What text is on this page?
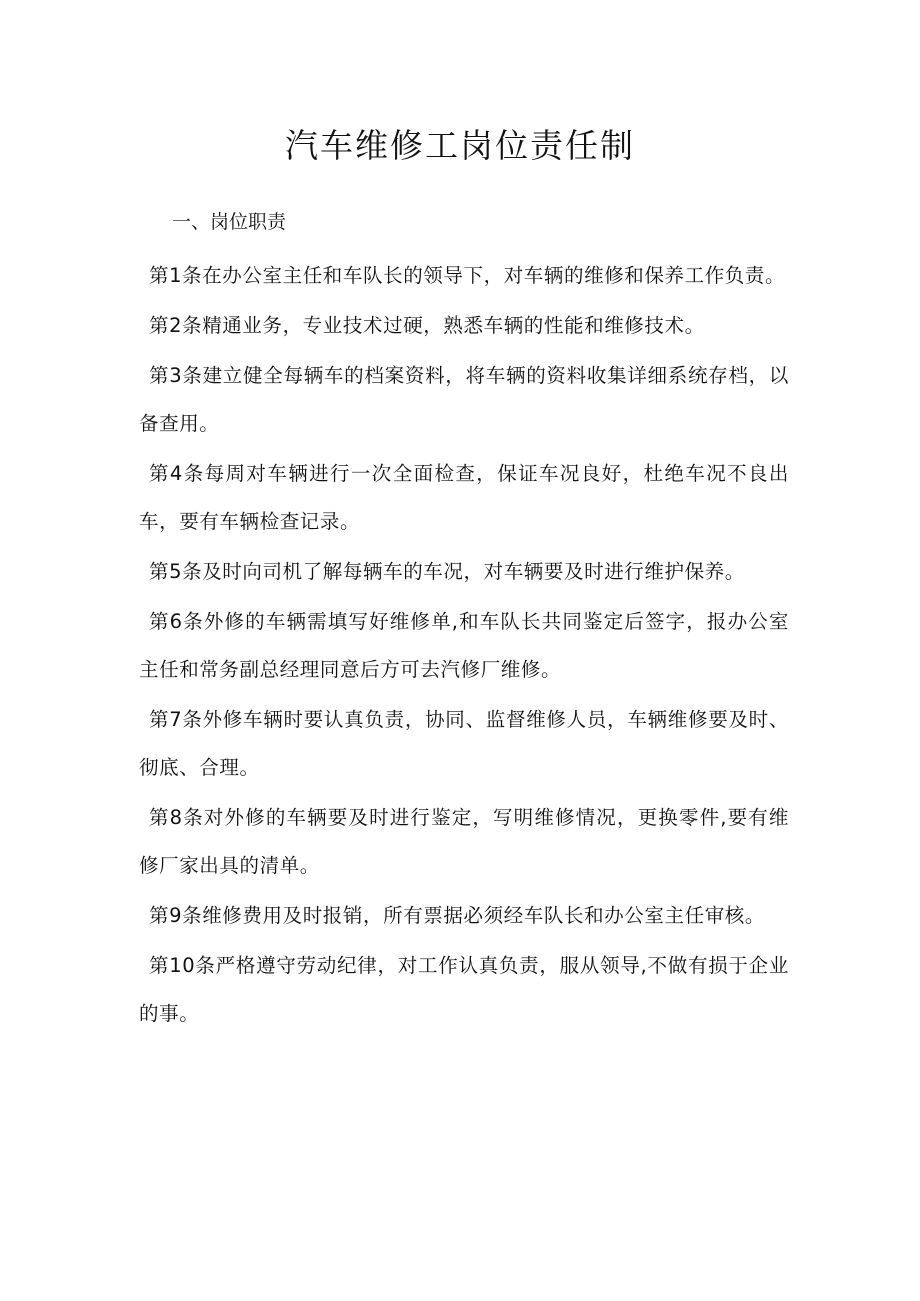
汽车维修工岗位责任制
一、岗位职责
第1条在办公室主任和车队长的领导下，对车辆的维修和保养工作负责。
第2条精通业务，专业技术过硬，熟悉车辆的性能和维修技术。
第3条建立健全每辆车的档案资料，将车辆的资料收集详细系统存档，以备查用。
第4条每周对车辆进行一次全面检查，保证车况良好，杜绝车况不良出车，要有车辆检查记录。
第5条及时向司机了解每辆车的车况，对车辆要及时进行维护保养。
第6条外修的车辆需填写好维修单,和车队长共同鉴定后签字，报办公室主任和常务副总经理同意后方可去汽修厂维修。
第7条外修车辆时要认真负责，协同、监督维修人员，车辆维修要及时、彻底、合理。
第8条对外修的车辆要及时进行鉴定，写明维修情况，更换零件,要有维修厂家出具的清单。
第9条维修费用及时报销，所有票据必须经车队长和办公室主任审核。
第10条严格遵守劳动纪律，对工作认真负责，服从领导,不做有损于企业的事。
